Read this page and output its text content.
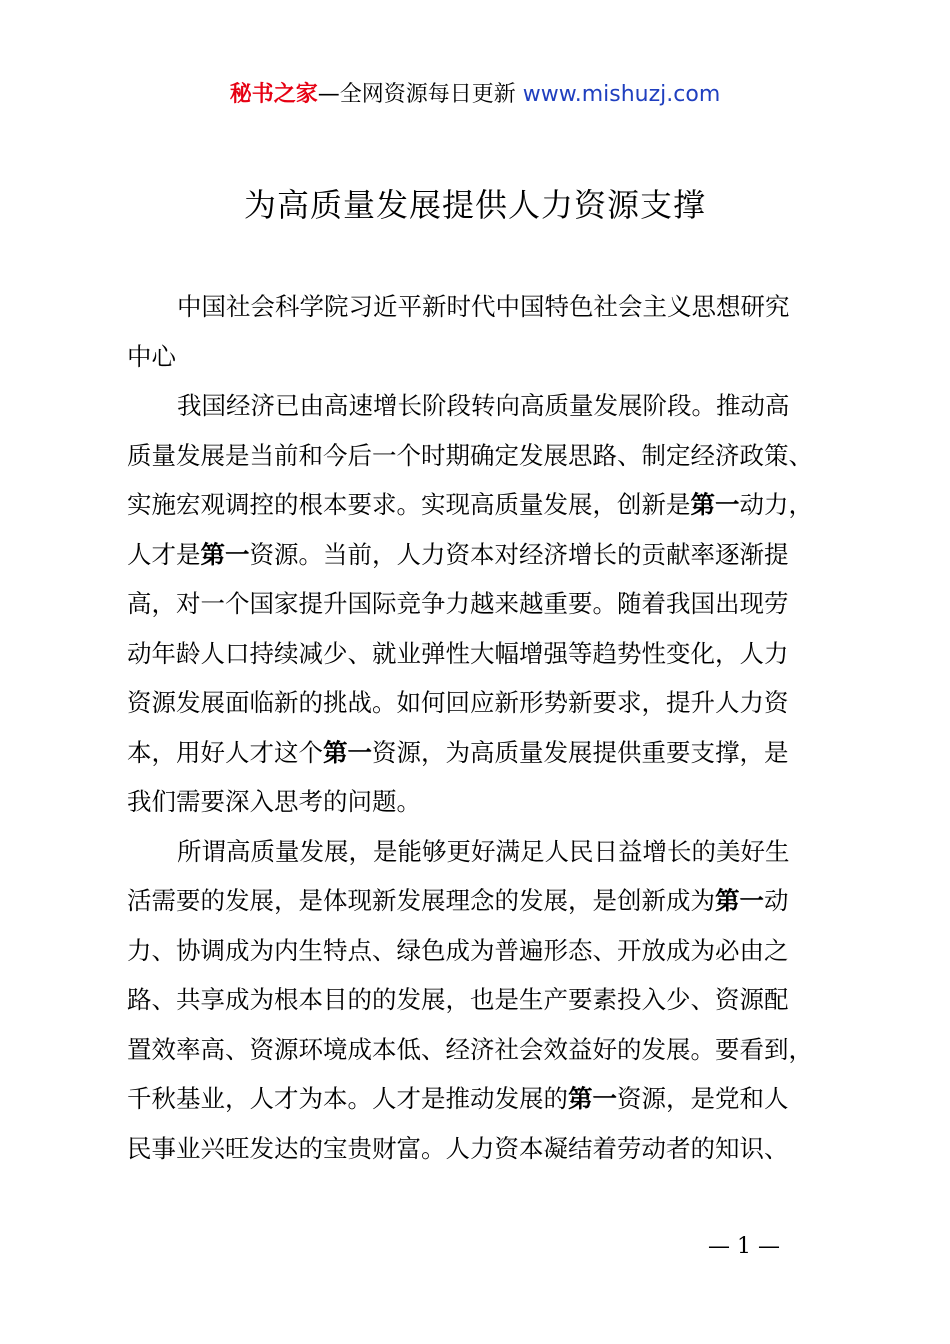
秘书之家—全网资源每日更新 www.mishuzj.com
为高质量发展提供人力资源支撑
中国社会科学院习近平新时代中国特色社会主义思想研究
中心
我国经济已由高速增长阶段转向高质量发展阶段。推动高
质量发展是当前和今后一个时期确定发展思路、制定经济政策、
实施宏观调控的根本要求。实现高质量发展，创新是第一动力，
人才是第一资源。当前，人力资本对经济增长的贡献率逐渐提
高，对一个国家提升国际竞争力越来越重要。随着我国出现劳
动年龄人口持续减少、就业弹性大幅增强等趋势性变化，人力
资源发展面临新的挑战。如何回应新形势新要求，提升人力资
本，用好人才这个第一资源，为高质量发展提供重要支撑，是
我们需要深入思考的问题。
所谓高质量发展，是能够更好满足人民日益增长的美好生
活需要的发展，是体现新发展理念的发展，是创新成为第一动
力、协调成为内生特点、绿色成为普遍形态、开放成为必由之
路、共享成为根本目的的发展，也是生产要素投入少、资源配
置效率高、资源环境成本低、经济社会效益好的发展。要看到，
千秋基业，人才为本。人才是推动发展的第一资源，是党和人
民事业兴旺发达的宝贵财富。人力资本凝结着劳动者的知识、
— 1 —
